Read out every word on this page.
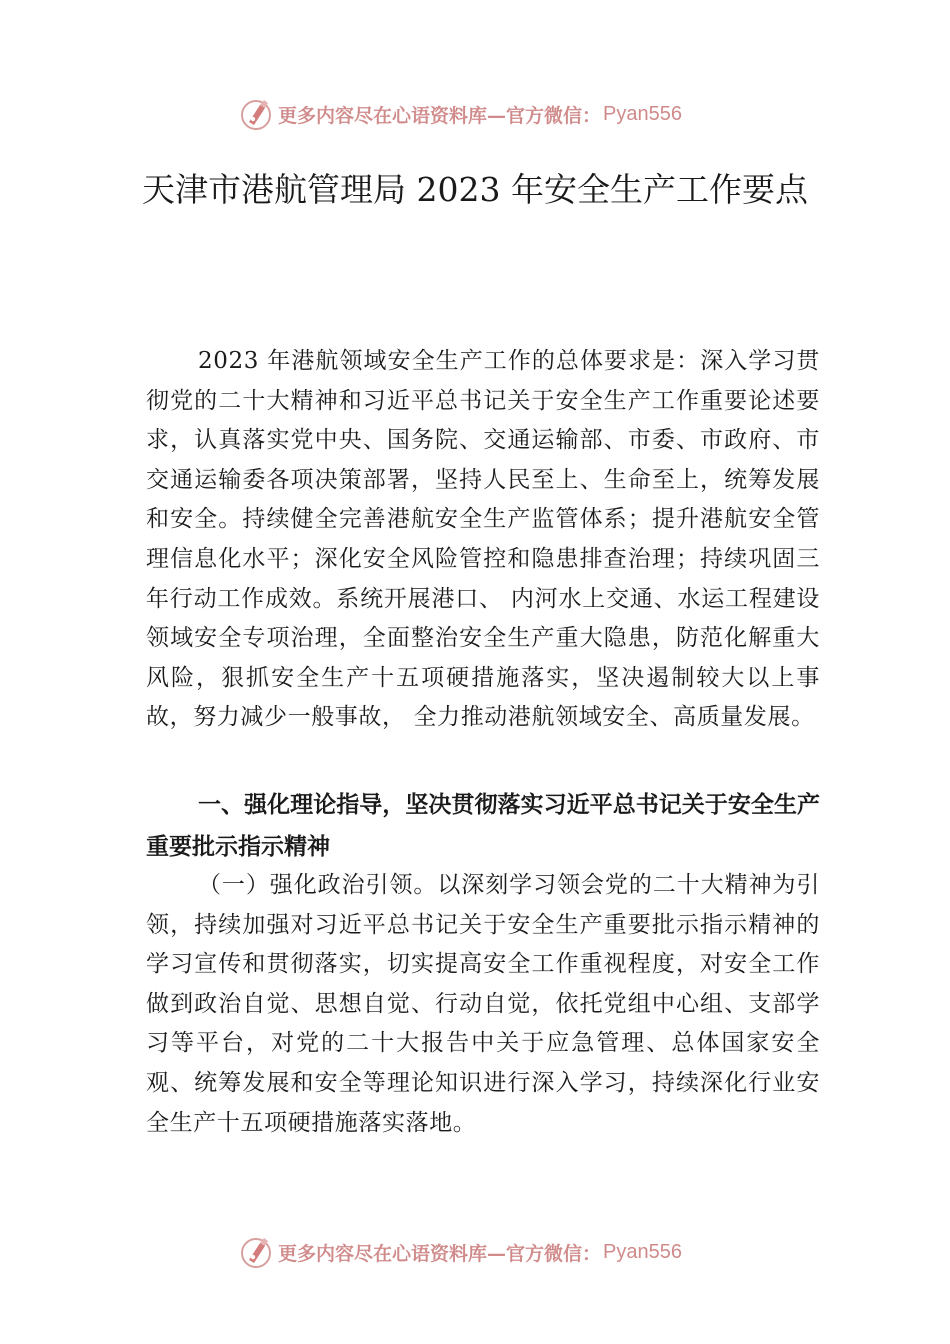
更多内容尽在心语资料库—官方微信： Pyan556
天津市港航管理局 2023 年安全生产工作要点

2023 年港航领域安全生产工作的总体要求是：深入学习贯彻党的二十大精神和习近平总书记关于安全生产工作重要论述要求，认真落实党中央、国务院、交通运输部、市委、市政府、市交通运输委各项决策部署，坚持人民至上、生命至上，统筹发展和安全。持续健全完善港航安全生产监管体系；提升港航安全管理信息化水平；深化安全风险管控和隐患排查治理；持续巩固三年行动工作成效。系统开展港口、 内河水上交通、水运工程建设领域安全专项治理，全面整治安全生产重大隐患，防范化解重大风险，狠抓安全生产十五项硬措施落实，坚决遏制较大以上事故，努力减少一般事故， 全力推动港航领域安全、高质量发展。

一、强化理论指导，坚决贯彻落实习近平总书记关于安全生产重要批示指示精神

（一）强化政治引领。以深刻学习领会党的二十大精神为引领，持续加强对习近平总书记关于安全生产重要批示指示精神的学习宣传和贯彻落实，切实提高安全工作重视程度，对安全工作做到政治自觉、思想自觉、行动自觉，依托党组中心组、支部学习等平台，对党的二十大报告中关于应急管理、总体国家安全观、统筹发展和安全等理论知识进行深入学习，持续深化行业安全生产十五项硬措施落实落地。

更多内容尽在心语资料库—官方微信： Pyan556
